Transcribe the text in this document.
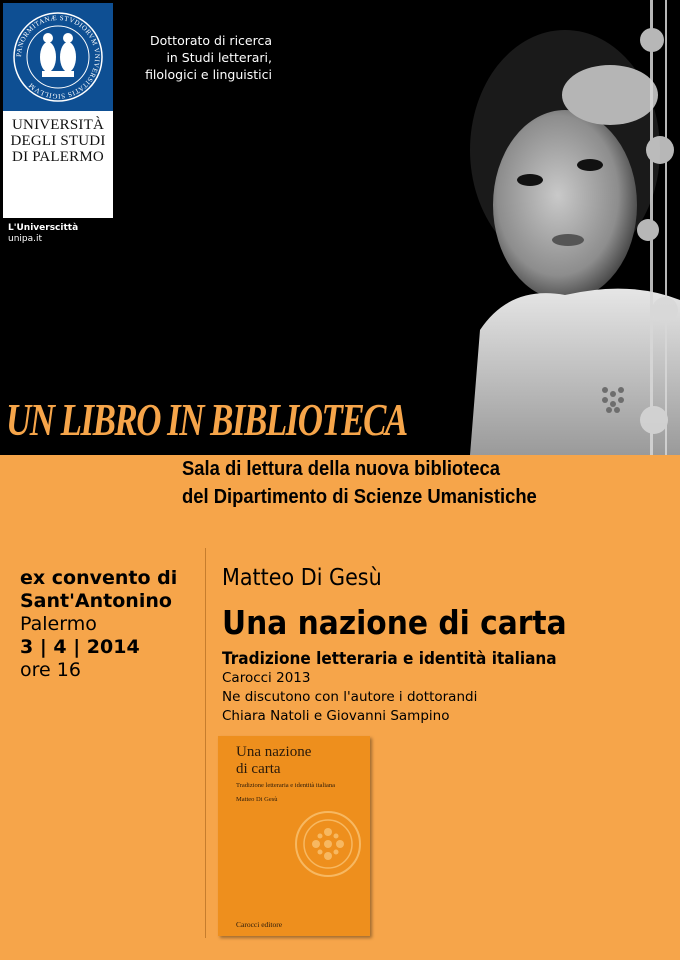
PANORMITANÆ STVDIORVM VNIVERSITATIS SIGILLVM
UNIVERSITÀ
DEGLI STUDI
DI PALERMO
Dottorato di ricerca
in Studi letterari,
filologici e linguistici
L'Universcittà
unipa.it
UN LIBRO IN BIBLIOTECA
Sala di lettura della nuova biblioteca
del Dipartimento di Scienze Umanistiche
ex convento di
Sant'Antonino
Palermo
3 | 4 | 2014
ore 16
Matteo Di Gesù
Una nazione di carta
Tradizione letteraria e identità italiana
Carocci 2013
Ne discutono con l'autore i dottorandi
Chiara Natoli e Giovanni Sampino
Una nazione
di carta
Tradizione letteraria e identità italiana
Matteo Di Gesù
Carocci editore
